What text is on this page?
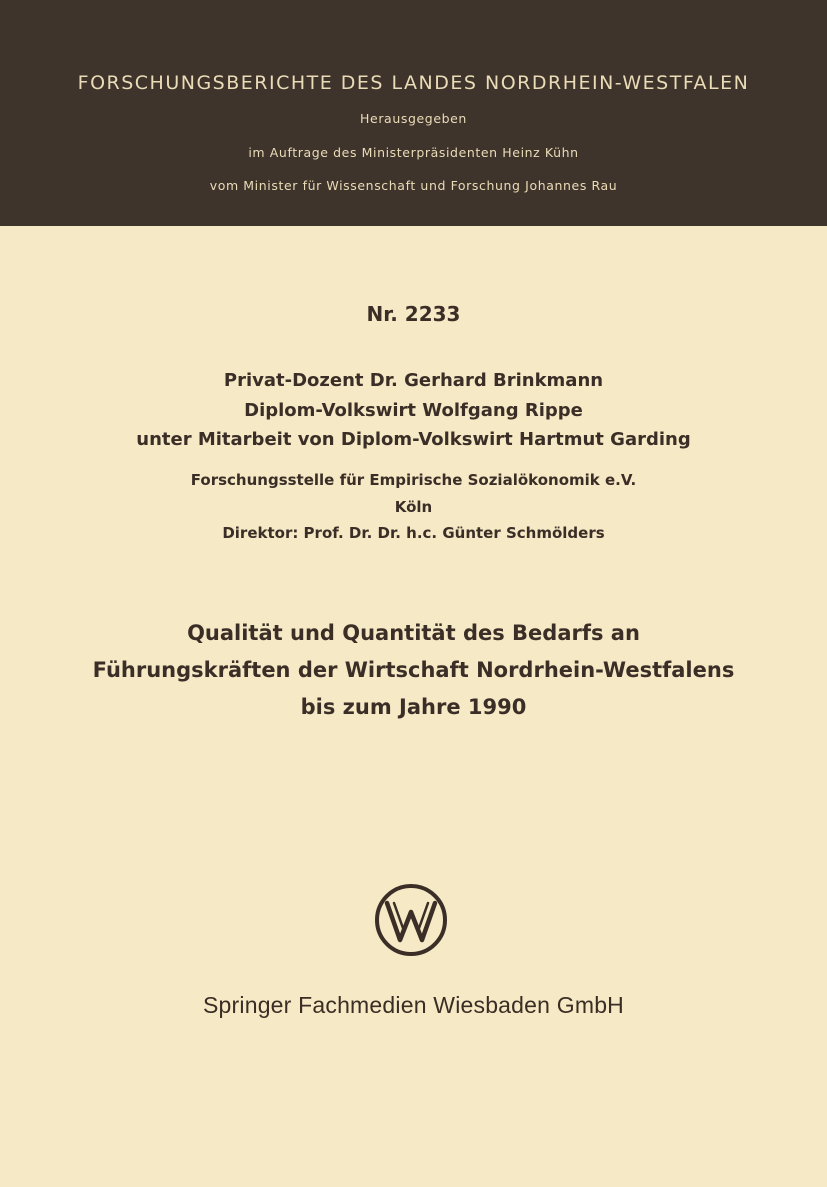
FORSCHUNGSBERICHTE DES LANDES NORDRHEIN-WESTFALEN
Herausgegeben
im Auftrage des Ministerpräsidenten Heinz Kühn
vom Minister für Wissenschaft und Forschung Johannes Rau
Nr. 2233
Privat-Dozent Dr. Gerhard Brinkmann
Diplom-Volkswirt Wolfgang Rippe
unter Mitarbeit von Diplom-Volkswirt Hartmut Garding
Forschungsstelle für Empirische Sozialökonomik e.V.
Köln
Direktor: Prof. Dr. Dr. h.c. Günter Schmölders
Qualität und Quantität des Bedarfs an
Führungskräften der Wirtschaft Nordrhein-Westfalens
bis zum Jahre 1990
Springer Fachmedien Wiesbaden GmbH
